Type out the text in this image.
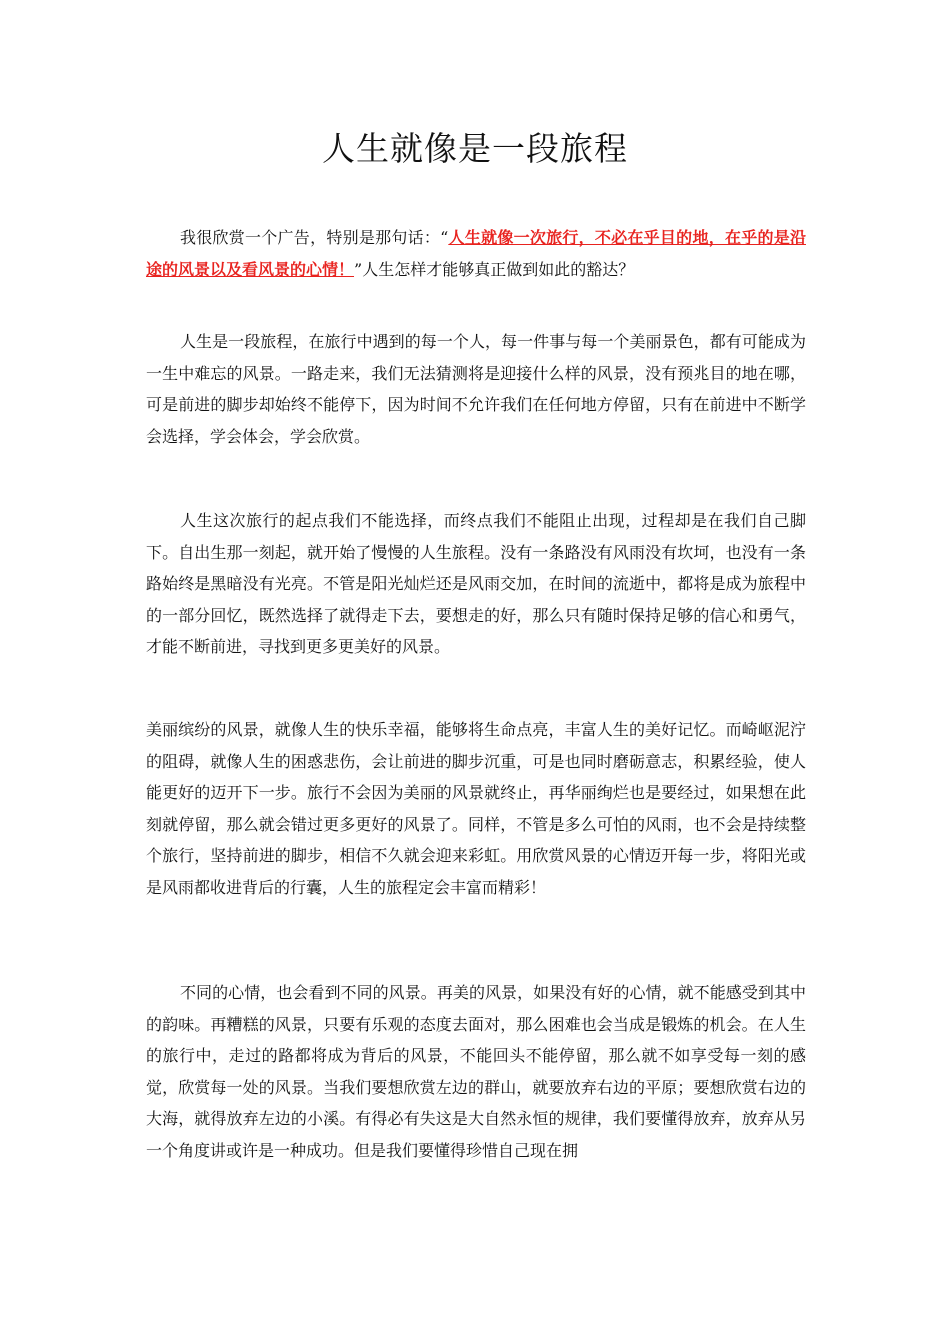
人生就像是一段旅程

我很欣赏一个广告，特别是那句话：“人生就像一次旅行，不必在乎目的地，在乎的是沿途的风景以及看风景的心情！”人生怎样才能够真正做到如此的豁达？

人生是一段旅程，在旅行中遇到的每一个人，每一件事与每一个美丽景色，都有可能成为一生中难忘的风景。一路走来，我们无法猜测将是迎接什么样的风景，没有预兆目的地在哪，可是前进的脚步却始终不能停下，因为时间不允许我们在任何地方停留，只有在前进中不断学会选择，学会体会，学会欣赏。

人生这次旅行的起点我们不能选择，而终点我们不能阻止出现，过程却是在我们自己脚下。自出生那一刻起，就开始了慢慢的人生旅程。没有一条路没有风雨没有坎坷，也没有一条路始终是黑暗没有光亮。不管是阳光灿烂还是风雨交加，在时间的流逝中，都将是成为旅程中的一部分回忆，既然选择了就得走下去，要想走的好，那么只有随时保持足够的信心和勇气，才能不断前进，寻找到更多更美好的风景。

美丽缤纷的风景，就像人生的快乐幸福，能够将生命点亮，丰富人生的美好记忆。而崎岖泥泞的阻碍，就像人生的困惑悲伤，会让前进的脚步沉重，可是也同时磨砺意志，积累经验，使人能更好的迈开下一步。旅行不会因为美丽的风景就终止，再华丽绚烂也是要经过，如果想在此刻就停留，那么就会错过更多更好的风景了。同样，不管是多么可怕的风雨，也不会是持续整个旅行，坚持前进的脚步，相信不久就会迎来彩虹。用欣赏风景的心情迈开每一步，将阳光或是风雨都收进背后的行囊，人生的旅程定会丰富而精彩！

不同的心情，也会看到不同的风景。再美的风景，如果没有好的心情，就不能感受到其中的韵味。再糟糕的风景，只要有乐观的态度去面对，那么困难也会当成是锻炼的机会。在人生的旅行中，走过的路都将成为背后的风景，不能回头不能停留，那么就不如享受每一刻的感觉，欣赏每一处的风景。当我们要想欣赏左边的群山，就要放弃右边的平原；要想欣赏右边的大海，就得放弃左边的小溪。有得必有失这是大自然永恒的规律，我们要懂得放弃，放弃从另一个角度讲或许是一种成功。但是我们要懂得珍惜自己现在拥
